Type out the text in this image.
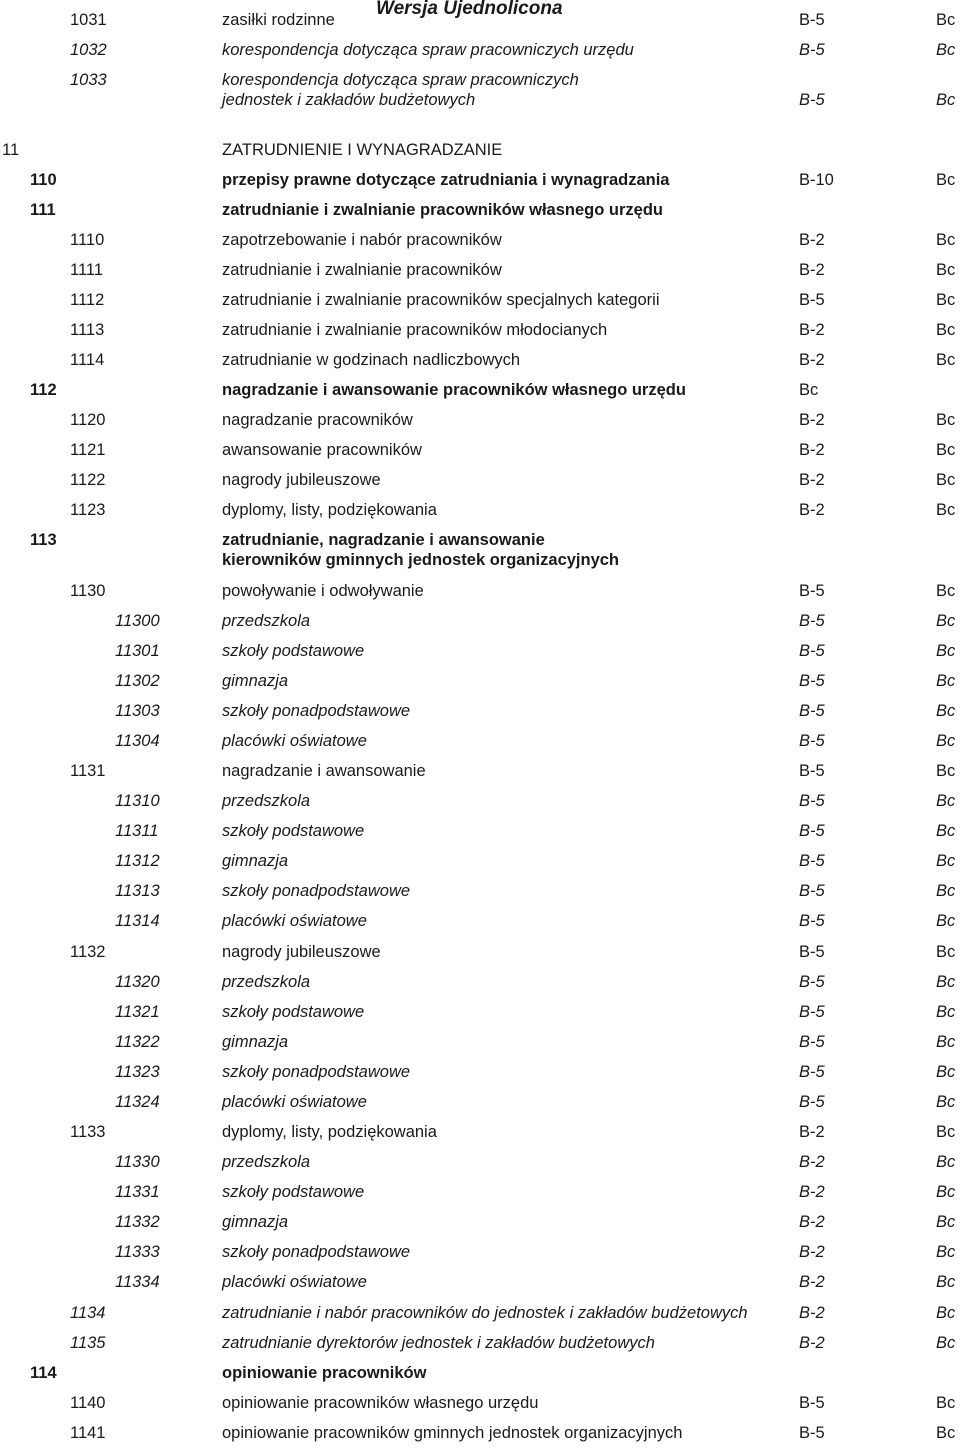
Wersja Ujednolicona
1031	zasiłki rodzinne	B-5	Bc
1032	korespondencja dotycząca spraw pracowniczych urzędu	B-5	Bc
1033	korespondencja dotycząca spraw pracowniczych
jednostek i zakładów budżetowych	B-5	Bc
11	ZATRUDNIENIE I WYNAGRADZANIE
110	przepisy prawne dotyczące zatrudniania i wynagradzania	B-10	Bc
111	zatrudnianie i zwalnianie pracowników własnego urzędu
1110	zapotrzebowanie i nabór pracowników	B-2	Bc
1111	zatrudnianie i zwalnianie pracowników	B-2	Bc
1112	zatrudnianie i zwalnianie pracowników specjalnych kategorii	B-5	Bc
1113	zatrudnianie i zwalnianie pracowników młodocianych	B-2	Bc
1114	zatrudnianie w godzinach nadliczbowych	B-2	Bc
112	nagradzanie i awansowanie pracowników własnego urzędu	Bc
1120	nagradzanie pracowników	B-2	Bc
1121	awansowanie pracowników	B-2	Bc
1122	nagrody jubileuszowe	B-2	Bc
1123	dyplomy, listy, podziękowania	B-2	Bc
113	zatrudnianie, nagradzanie i awansowanie
kierowników gminnych jednostek organizacyjnych
1130	powoływanie i odwoływanie	B-5	Bc
11300	przedszkola	B-5	Bc
11301	szkoły podstawowe	B-5	Bc
11302	gimnazja	B-5	Bc
11303	szkoły ponadpodstawowe	B-5	Bc
11304	placówki oświatowe	B-5	Bc
1131	nagradzanie i awansowanie	B-5	Bc
11310	przedszkola	B-5	Bc
11311	szkoły podstawowe	B-5	Bc
11312	gimnazja	B-5	Bc
11313	szkoły ponadpodstawowe	B-5	Bc
11314	placówki oświatowe	B-5	Bc
1132	nagrody jubileuszowe	B-5	Bc
11320	przedszkola	B-5	Bc
11321	szkoły podstawowe	B-5	Bc
11322	gimnazja	B-5	Bc
11323	szkoły ponadpodstawowe	B-5	Bc
11324	placówki oświatowe	B-5	Bc
1133	dyplomy, listy, podziękowania	B-2	Bc
11330	przedszkola	B-2	Bc
11331	szkoły podstawowe	B-2	Bc
11332	gimnazja	B-2	Bc
11333	szkoły ponadpodstawowe	B-2	Bc
11334	placówki oświatowe	B-2	Bc
1134	zatrudnianie i nabór pracowników do jednostek i zakładów budżetowych	B-2	Bc
1135	zatrudnianie dyrektorów jednostek i zakładów budżetowych	B-2	Bc
114	opiniowanie pracowników
1140	opiniowanie pracowników własnego urzędu	B-5	Bc
1141	opiniowanie pracowników gminnych jednostek organizacyjnych	B-5	Bc
